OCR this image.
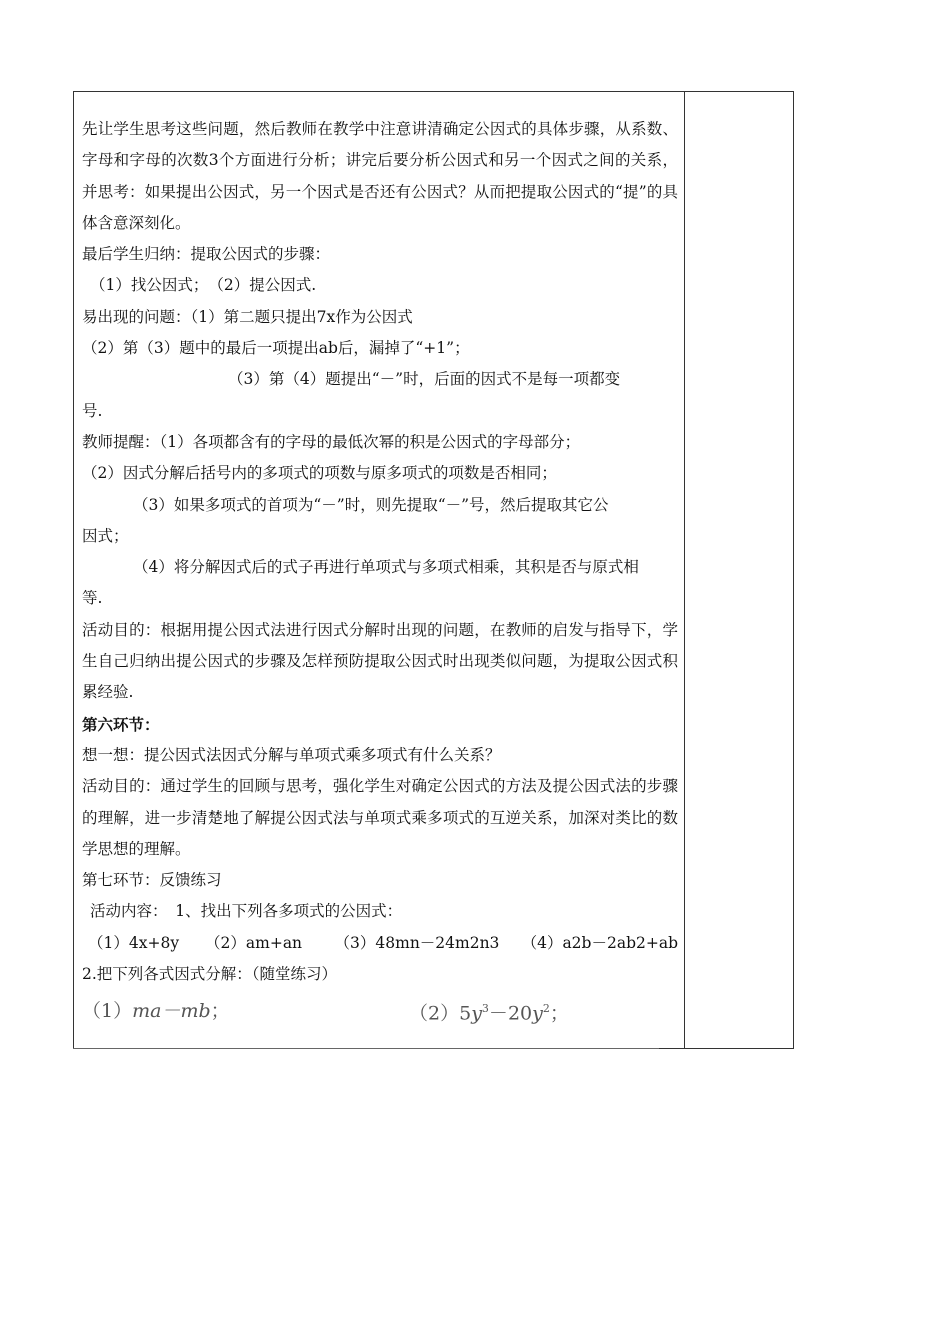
先让学生思考这些问题，然后教师在教学中注意讲清确定公因式的具体步骤，从系数、字母和字母的次数3个方面进行分析；讲完后要分析公因式和另一个因式之间的关系，并思考：如果提出公因式，另一个因式是否还有公因式？从而把提取公因式的“提”的具体含意深刻化。

最后学生归纳：提取公因式的步骤：

（1）找公因式；　（2）提公因式.

易出现的问题：（1）第二题只提出7x作为公因式

（2）第（3）题中的最后一项提出ab后，漏掉了“+1”；

（3）第（4）题提出“－”时，后面的因式不是每一项都变

号.

教师提醒：（1）各项都含有的字母的最低次幂的积是公因式的字母部分；

（2）因式分解后括号内的多项式的项数与原多项式的项数是否相同；

（3）如果多项式的首项为“－”时，则先提取“－”号，然后提取其它公

因式；

（4）将分解因式后的式子再进行单项式与多项式相乘，其积是否与原式相

等.

活动目的：根据用提公因式法进行因式分解时出现的问题，在教师的启发与指导下，学生自己归纳出提公因式的步骤及怎样预防提取公因式时出现类似问题，为提取公因式积累经验.

第六环节：

想一想：提公因式法因式分解与单项式乘多项式有什么关系？

活动目的：通过学生的回顾与思考，强化学生对确定公因式的方法及提公因式法的步骤的理解，进一步清楚地了解提公因式法与单项式乘多项式的互逆关系，加深对类比的数学思想的理解。

第七环节：反馈练习

活动内容：　1、找出下列各多项式的公因式：

（1）4x+8y	（2）am+an	（3）48mn－24m2n3	（4）a2b－2ab2+ab

2.把下列各式因式分解：（随堂练习）

（1）ma－mb；	$(2)5y^3-20y^2$；
